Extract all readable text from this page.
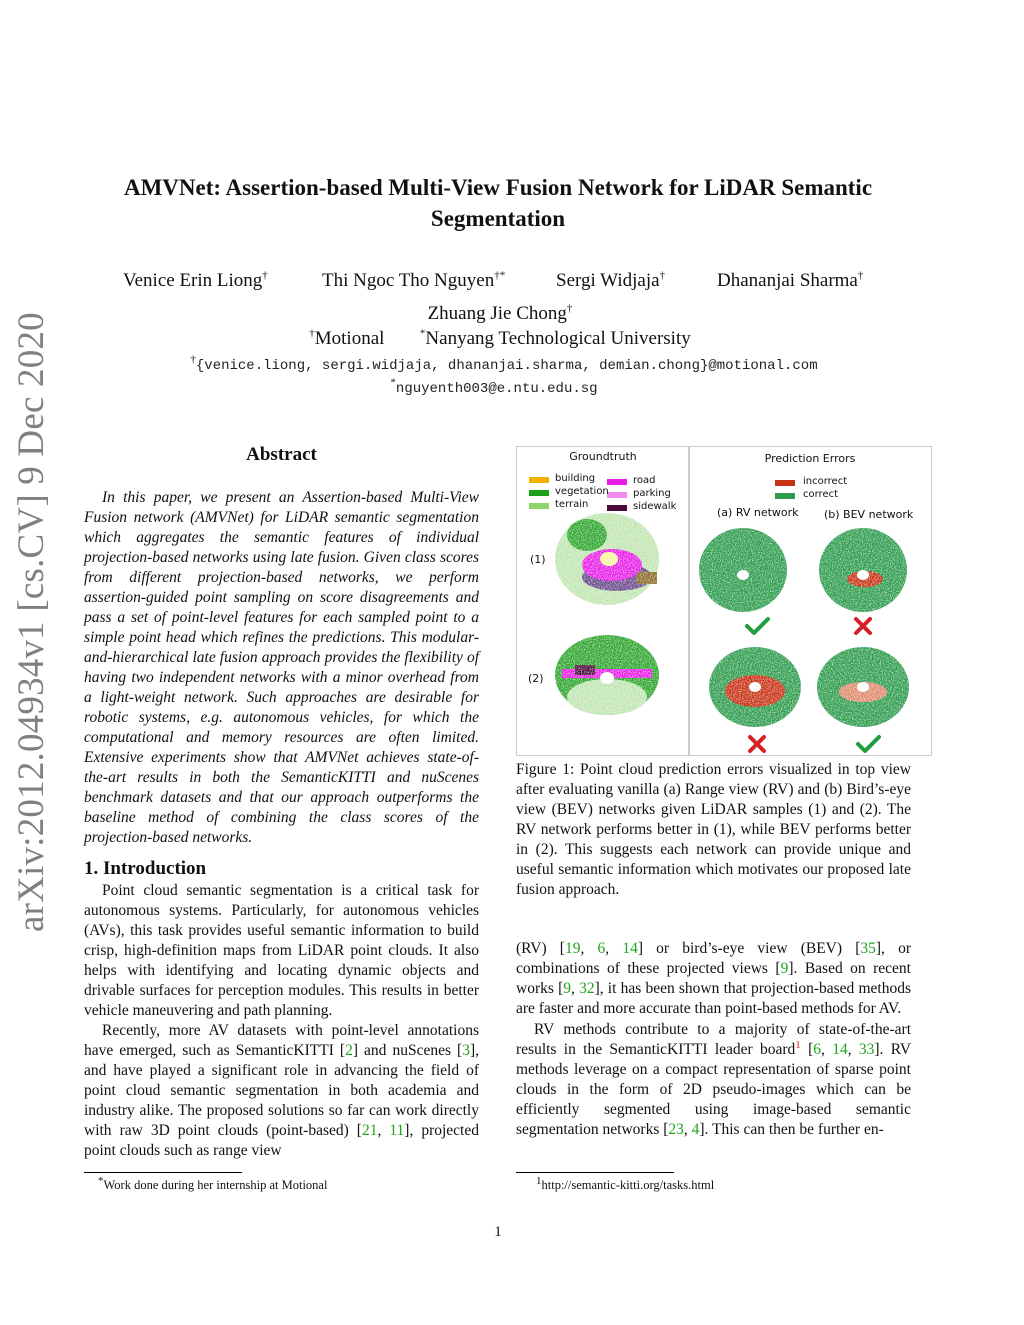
arXiv:2012.04934v1 [cs.CV] 9 Dec 2020
AMVNet: Assertion-based Multi-View Fusion Network for LiDAR Semantic Segmentation
Venice Erin Liong†	Thi Ngoc Tho Nguyen†*	Sergi Widjaja†	Dhananjai Sharma†
Zhuang Jie Chong†
†Motional	*Nanyang Technological University
†{venice.liong, sergi.widjaja, dhananjai.sharma, demian.chong}@motional.com
*nguyenth003@e.ntu.edu.sg
Abstract

In this paper, we present an Assertion-based Multi-View Fusion network (AMVNet) for LiDAR semantic segmentation which aggregates the semantic features of individual projection-based networks using late fusion. Given class scores from different projection-based networks, we perform assertion-guided point sampling on score disagreements and pass a set of point-level features for each sampled point to a simple point head which refines the predictions. This modular-and-hierarchical late fusion approach provides the flexibility of having two independent networks with a minor overhead from a light-weight network. Such approaches are desirable for robotic systems, e.g. autonomous vehicles, for which the computational and memory resources are often limited. Extensive experiments show that AMVNet achieves state-of-the-art results in both the SemanticKITTI and nuScenes benchmark datasets and that our approach outperforms the baseline method of combining the class scores of the projection-based networks.

1. Introduction

Point cloud semantic segmentation is a critical task for autonomous systems. Particularly, for autonomous vehicles (AVs), this task provides useful semantic information to build crisp, high-definition maps from LiDAR point clouds. It also helps with identifying and locating dynamic objects and drivable surfaces for perception modules. This results in better vehicle maneuvering and path planning.

Recently, more AV datasets with point-level annotations have emerged, such as SemanticKITTI [2] and nuScenes [3], and have played a significant role in advancing the field of point cloud semantic segmentation in both academia and industry alike. The proposed solutions so far can work directly with raw 3D point clouds (point-based) [21, 11], projected point clouds such as range view

Groundtruth	Prediction Errors
building
vegetation
terrain
road
parking
sidewalk
incorrect
correct
(a) RV network (b) BEV network
(1)
(2)

Figure 1: Point cloud prediction errors visualized in top view after evaluating vanilla (a) Range view (RV) and (b) Bird’s-eye view (BEV) networks given LiDAR samples (1) and (2). The RV network performs better in (1), while BEV performs better in (2). This suggests each network can provide unique and useful semantic information which motivates our proposed late fusion approach.

(RV) [19, 6, 14] or bird’s-eye view (BEV) [35], or combinations of these projected views [9]. Based on recent works [9, 32], it has been shown that projection-based methods are faster and more accurate than point-based methods for AV.

RV methods contribute to a majority of state-of-the-art results in the SemanticKITTI leader board$^1$ [6, 14, 33]. RV methods leverage on a compact representation of sparse point clouds in the form of 2D pseudo-images which can be efficiently segmented using image-based semantic segmentation networks [23, 4]. This can then be further en-

*Work done during her internship at Motional	$^1$http://semantic-kitti.org/tasks.html
1
